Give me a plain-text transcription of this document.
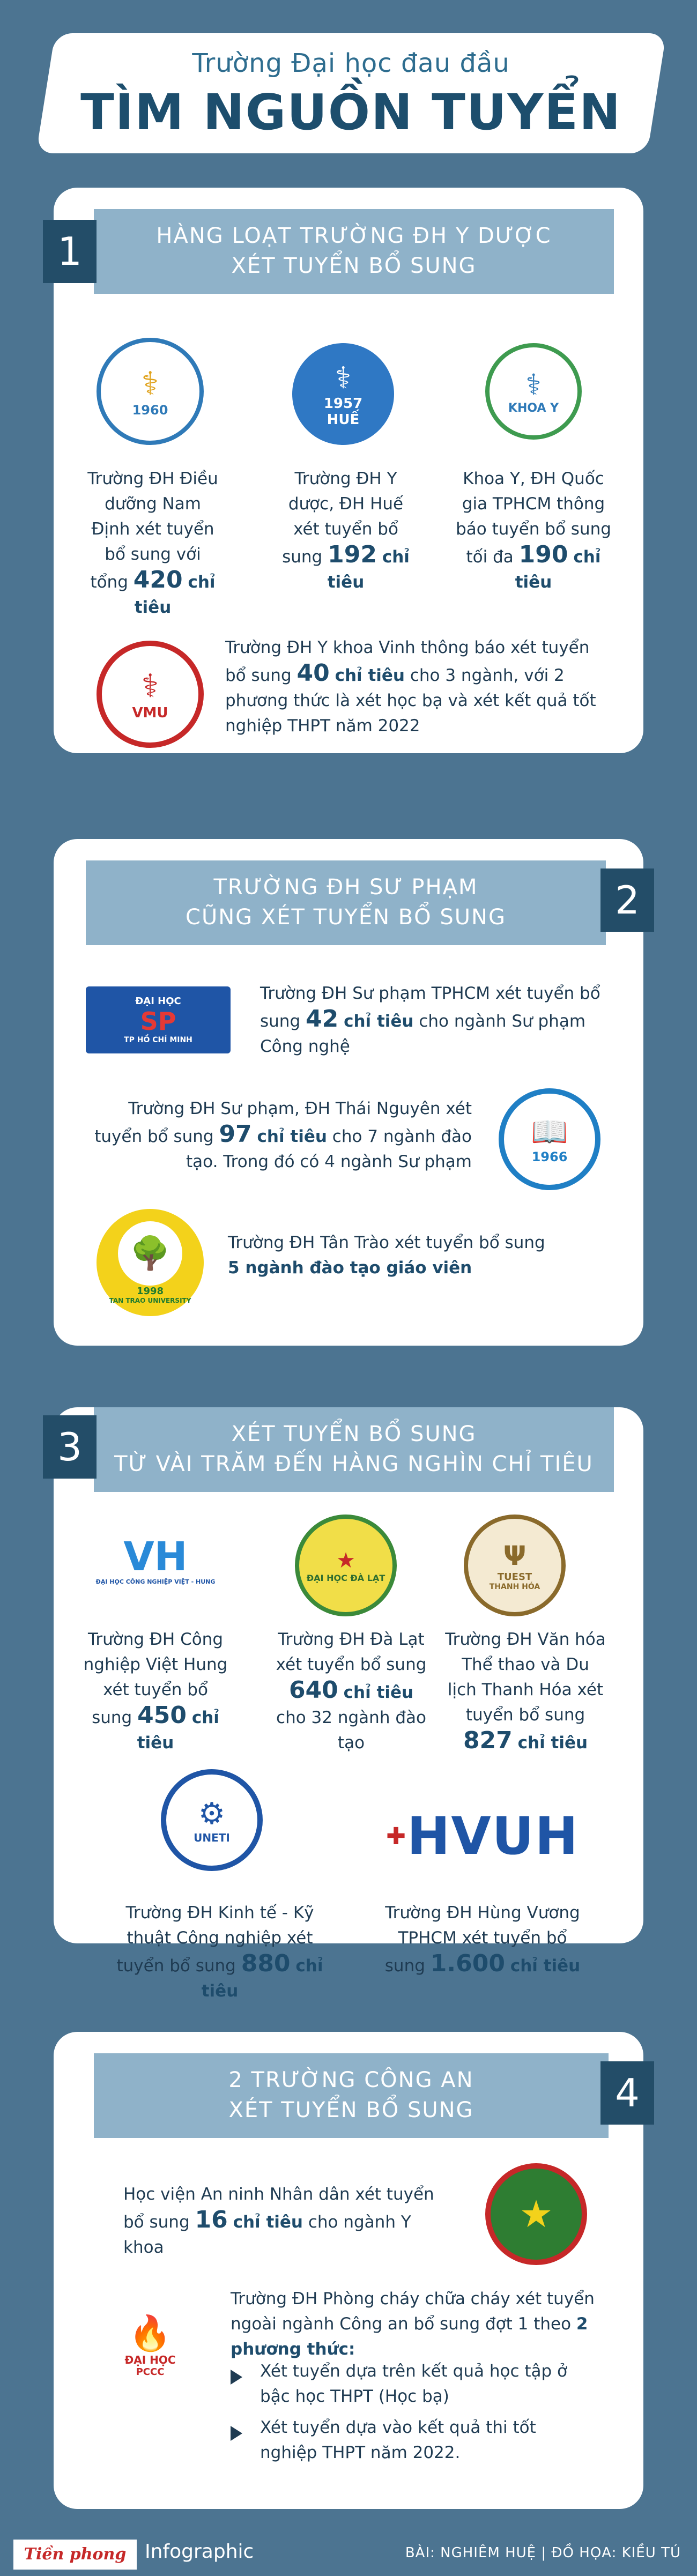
Trường Đại học đau đầu
TÌM NGUỒN TUYỂN
HÀNG LOẠT TRƯỜNG ĐH Y DƯỢC
XÉT TUYỂN BỔ SUNG
1
⚕
1960
Trường ĐH Điều dưỡng Nam Định xét tuyển bổ sung với tổng 420 chỉ tiêu
⚕
1957
HUẾ
Trường ĐH Y dược, ĐH Huế xét tuyển bổ sung 192 chỉ tiêu
⚕
KHOA Y
Khoa Y, ĐH Quốc gia TPHCM thông báo tuyển bổ sung tối đa 190 chỉ tiêu
⚕
VMU
Trường ĐH Y khoa Vinh thông báo xét tuyển bổ sung 40 chỉ tiêu cho 3 ngành, với 2 phương thức là xét học bạ và xét kết quả tốt nghiệp THPT năm 2022
TRƯỜNG ĐH SƯ PHẠM
CŨNG XÉT TUYỂN BỔ SUNG	2
ĐẠI HỌC
SP
TP HỒ CHÍ MINH
Trường ĐH Sư phạm TPHCM xét tuyển bổ sung 42 chỉ tiêu cho ngành Sư phạm Công nghệ
Trường ĐH Sư phạm, ĐH Thái Nguyên xét tuyển bổ sung 97 chỉ tiêu cho 7 ngành đào tạo. Trong đó có 4 ngành Sư phạm
📖
1966
🌳
1998
TAN TRAO UNIVERSITY
Trường ĐH Tân Trào xét tuyển bổ sung
5 ngành đào tạo giáo viên
XÉT TUYỂN BỔ SUNG
TỪ VÀI TRĂM ĐẾN HÀNG NGHÌN CHỈ TIÊU
3
VH
ĐẠI HỌC CÔNG NGHIỆP VIỆT - HUNG
Trường ĐH Công nghiệp Việt Hung xét tuyển bổ sung 450 chỉ tiêu
★
ĐẠI HỌC ĐÀ LẠT
Trường ĐH Đà Lạt xét tuyển bổ sung 640 chỉ tiêu cho 32 ngành đào tạo
Ψ
TUEST
THANH HÓA
Trường ĐH Văn hóa Thể thao và Du lịch Thanh Hóa xét tuyển bổ sung 827 chỉ tiêu
⚙
UNETI
Trường ĐH Kinh tế - Kỹ thuật Công nghiệp xét tuyển bổ sung 880 chỉ tiêu
✚ HVUH
Trường ĐH Hùng Vương TPHCM xét tuyển bổ sung 1.600 chỉ tiêu
2 TRƯỜNG CÔNG AN
XÉT TUYỂN BỔ SUNG	4
Học viện An ninh Nhân dân xét tuyển bổ sung 16 chỉ tiêu cho ngành Y khoa
★
🔥
ĐẠI HỌC
PCCC
Trường ĐH Phòng cháy chữa cháy xét tuyển ngoài ngành Công an bổ sung đợt 1 theo 2 phương thức:
Xét tuyển dựa trên kết quả học tập ở bậc học THPT (Học bạ)
Xét tuyển dựa vào kết quả thi tốt nghiệp THPT năm 2022.
Tiền phong Infographic	BÀI: NGHIÊM HUỆ | ĐỒ HỌA: KIỀU TÚ
